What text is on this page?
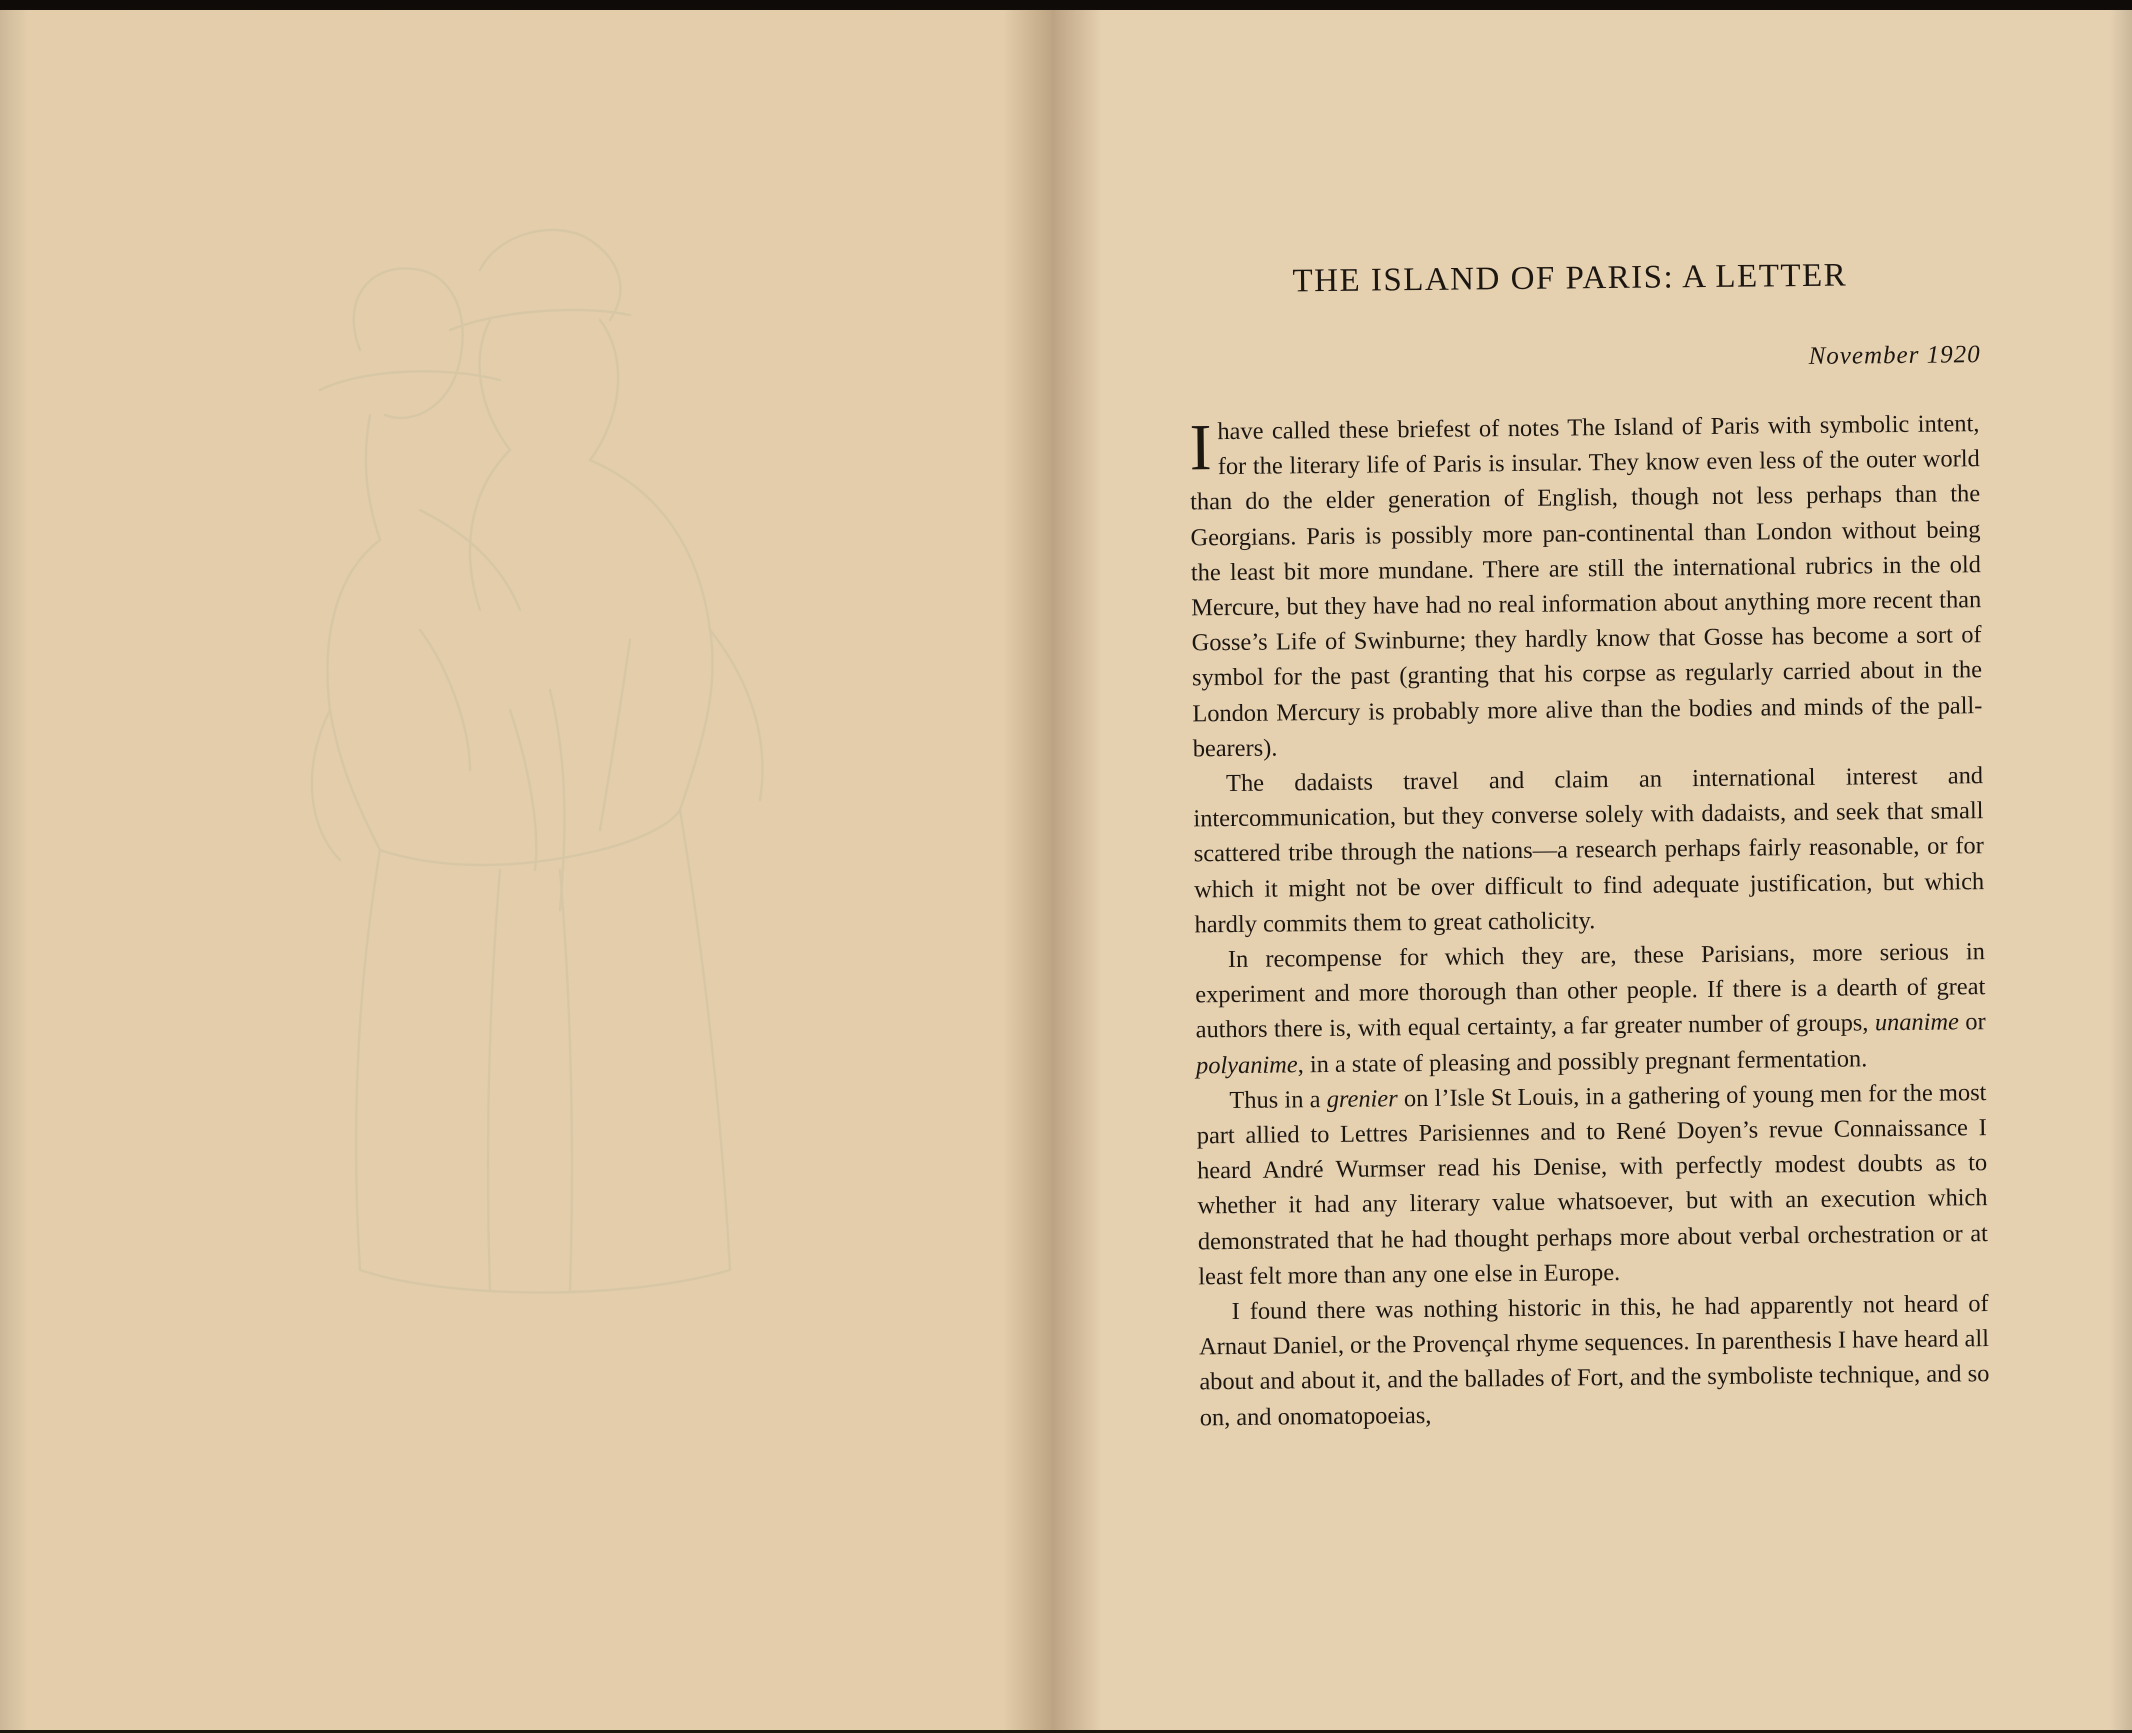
THE ISLAND OF PARIS: A LETTER
November 1920

I have called these briefest of notes The Island of Paris with symbolic intent, for the literary life of Paris is insular. They know even less of the outer world than do the elder generation of English, though not less perhaps than the Georgians. Paris is possibly more pan-continental than London without being the least bit more mundane. There are still the international rubrics in the old Mercure, but they have had no real information about anything more recent than Gosse’s Life of Swinburne; they hardly know that Gosse has become a sort of symbol for the past (granting that his corpse as regularly carried about in the London Mercury is probably more alive than the bodies and minds of the pall-bearers).

The dadaists travel and claim an international interest and intercommunication, but they converse solely with dadaists, and seek that small scattered tribe through the nations—a research perhaps fairly reasonable, or for which it might not be over difficult to find adequate justification, but which hardly commits them to great catholicity.

In recompense for which they are, these Parisians, more serious in experiment and more thorough than other people. If there is a dearth of great authors there is, with equal certainty, a far greater number of groups, unanime or polyanime, in a state of pleasing and possibly pregnant fermentation.

Thus in a grenier on l’Isle St Louis, in a gathering of young men for the most part allied to Lettres Parisiennes and to René Doyen’s revue Connaissance I heard André Wurmser read his Denise, with perfectly modest doubts as to whether it had any literary value whatsoever, but with an execution which demonstrated that he had thought perhaps more about verbal orchestration or at least felt more than any one else in Europe.

I found there was nothing historic in this, he had apparently not heard of Arnaut Daniel, or the Provençal rhyme sequences. In parenthesis I have heard all about and about it, and the ballades of Fort, and the symboliste technique, and so on, and onomatopoeias,
